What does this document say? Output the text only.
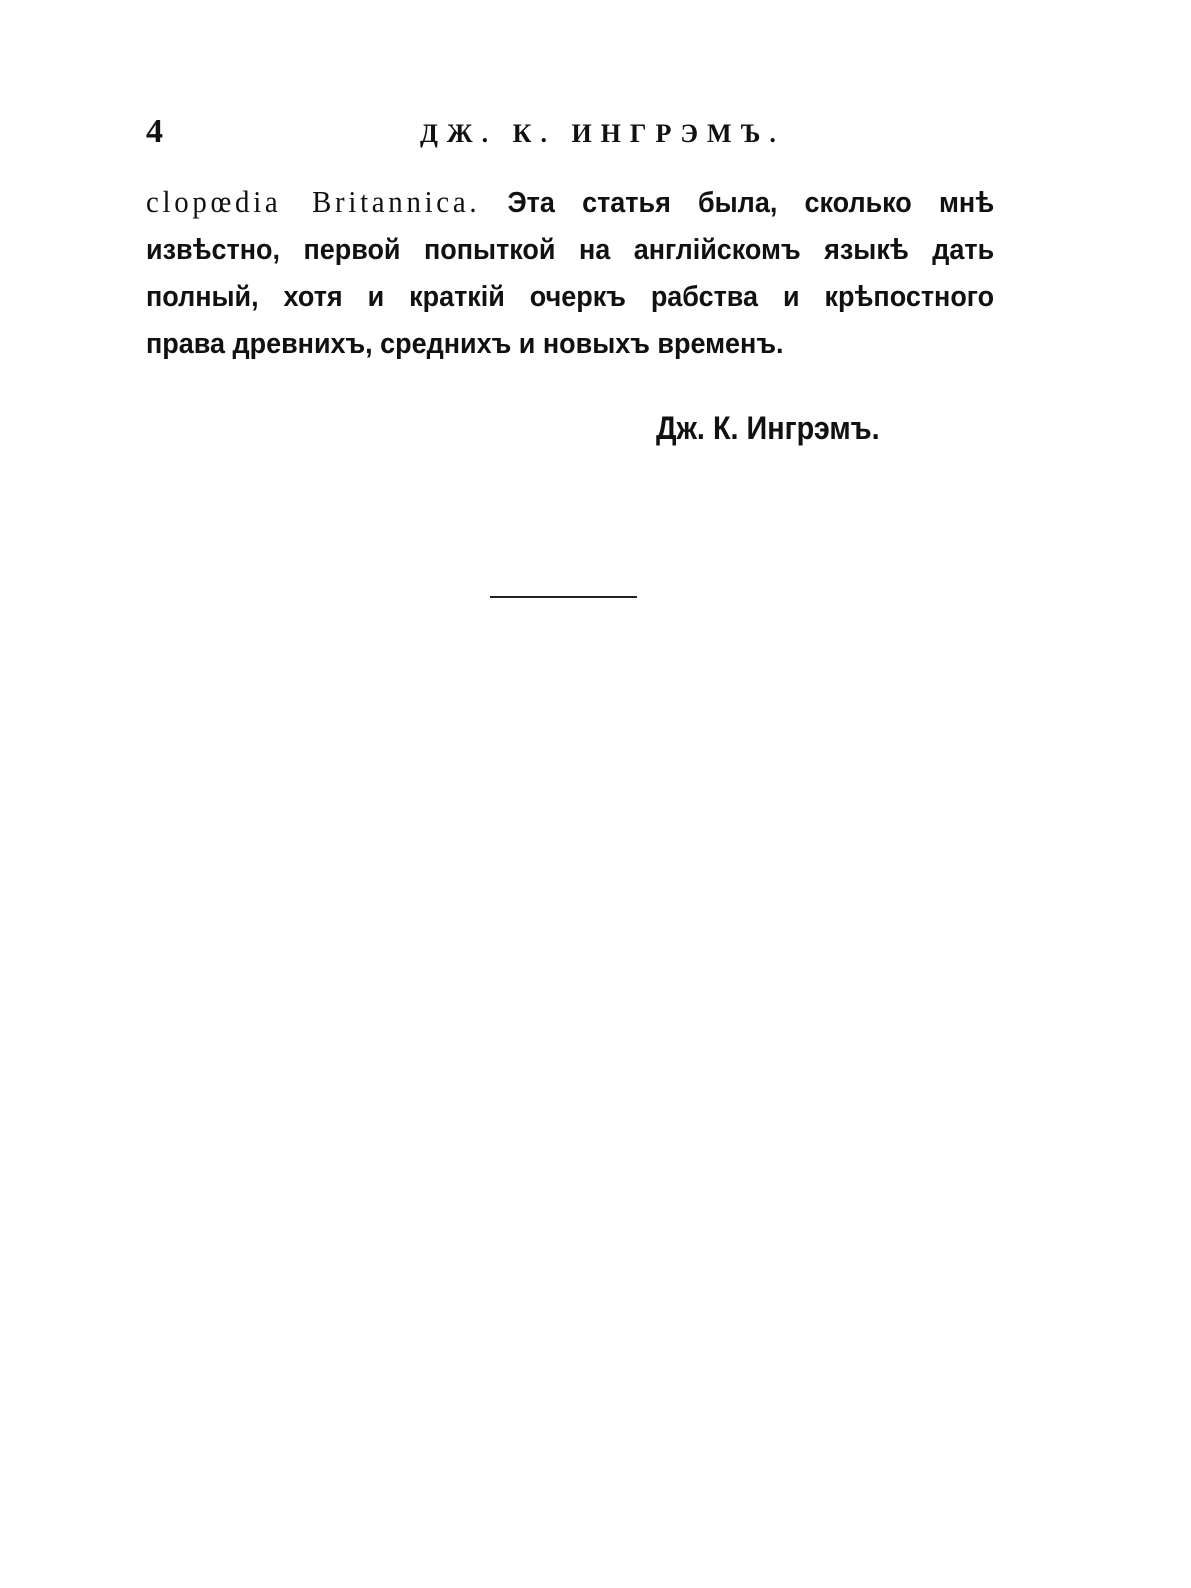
4	ДЖ. К. ИНГРЭМЪ.
clopœdia Britannica. Эта статья была, сколько мнѣ
извѣстно, первой попыткой на англійскомъ языкѣ дать
полный, хотя и краткій очеркъ рабства и крѣпостного
права древнихъ, среднихъ и новыхъ временъ.
Дж. К. Ингрэмъ.
